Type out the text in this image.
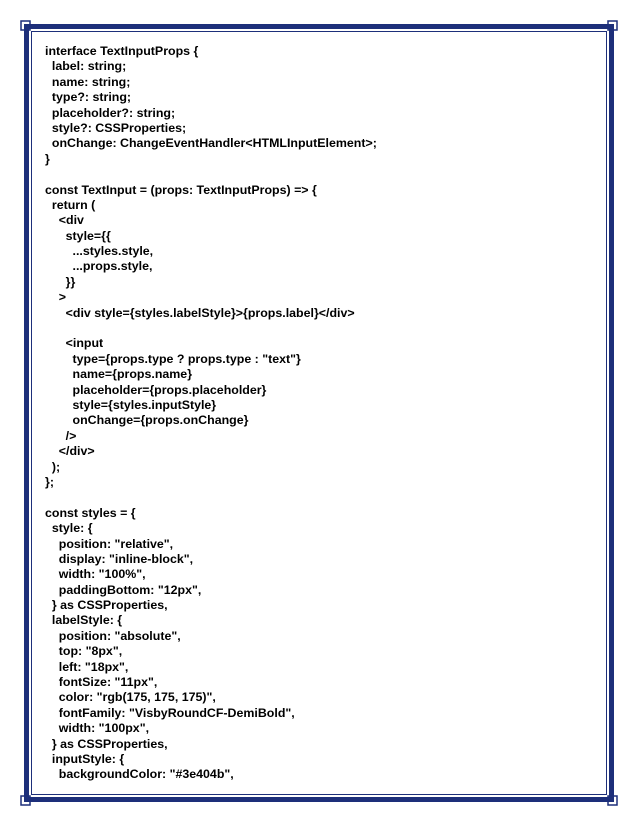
interface TextInputProps {
label: string;
name: string;
type?: string;
placeholder?: string;
style?: CSSProperties;
onChange: ChangeEventHandler<HTMLInputElement>;
}
const TextInput = (props: TextInputProps) => {
return (
<div
style={{
...styles.style,
...props.style,
}}
>
<div style={styles.labelStyle}>{props.label}</div>
<input
type={props.type ? props.type : "text"}
name={props.name}
placeholder={props.placeholder}
style={styles.inputStyle}
onChange={props.onChange}
/>
</div>
);
};
const styles = {
style: {
position: "relative",
display: "inline-block",
width: "100%",
paddingBottom: "12px",
} as CSSProperties,
labelStyle: {
position: "absolute",
top: "8px",
left: "18px",
fontSize: "11px",
color: "rgb(175, 175, 175)",
fontFamily: "VisbyRoundCF-DemiBold",
width: "100px",
} as CSSProperties,
inputStyle: {
backgroundColor: "#3e404b",
